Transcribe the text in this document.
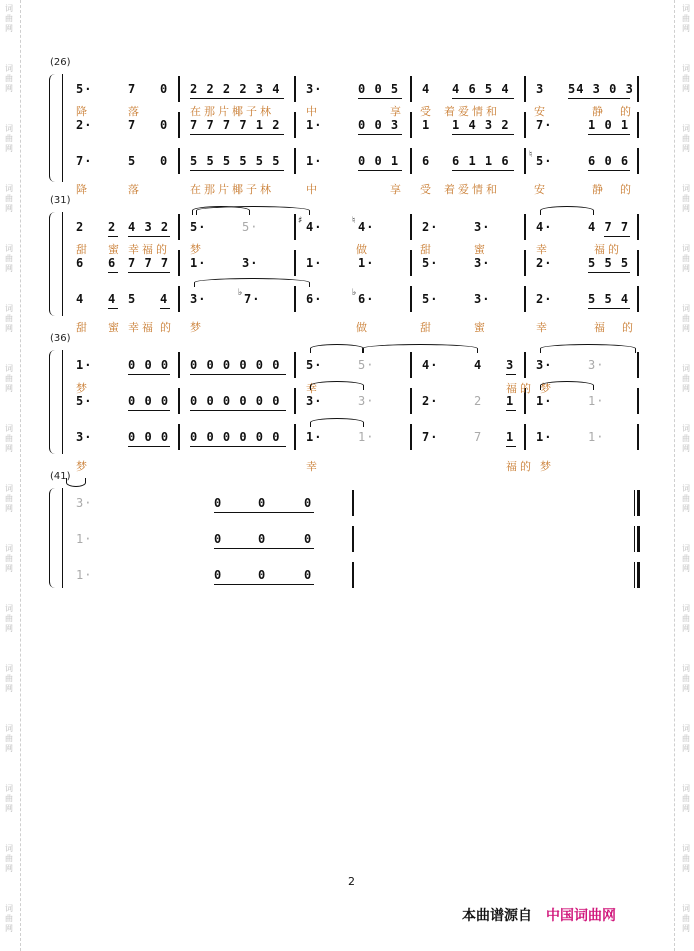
词
曲
网
词
曲
网
词
曲
网
词
曲
网
词
曲
网
词
曲
网
词
曲
网
词
曲
网
词
曲
网
词
曲
网
词
曲
网
词
曲
网
词
曲
网
词
曲
网
词
曲
网
词
曲
网
词
曲
网
词
曲
网
词
曲
网
词
曲
网
词
曲
网
词
曲
网
词
曲
网
词
曲
网
词
曲
网
词
曲
网
词
曲
网
词
曲
网
词
曲
网
词
曲
网
词
曲
网
词
曲
网
(26)
5·	7 0 2 2 2 2 3 4 3·	0 0 5 4 4 6 5 4 3 54 3 0 3
降	落	在那片椰子林	中	享 受 着爱情和	安	静 的
2·	7 0 7 7 7 7 1 2 1·	0 0 3 1 1 4 3 2 7·	1 0 1
7·	5 0 5 5 5 5 5 5 1·	0 0 1 6 6 1 1 6 ♮ 5·	6 0 6
降	落	在那片椰子林	中	享 受 着爱情和	安	静 的
(31)
2 2 4 3 2 5·	5·	♯ 4·	♮ 4·	2·	3·	4·	4 7 7
甜 蜜 幸福的 梦	做	甜	蜜	幸	福的
6 6 7 7 7 1·	3·	1·	1·	5·	3·	2·	5 5 5
4 4 5 4 3·	♭ 7·	6·	♭ 6·	5·	3·	2·	5 5 4
甜 蜜 幸福 的 梦	做	甜	蜜	幸	福 的
(36)
1·	0 0 0 0 0 0 0 0 0 5·	5·	4·	4 3 3·	3·
梦	幸	福的 梦
5·	0 0 0 0 0 0 0 0 0 3·	3·	2·	2 1 1·	1·
3·	0 0 0 0 0 0 0 0 0 1·	1·	7·	7 1 1·	1·
梦	幸	福的 梦
(41)
3·	0	0	0
1·	0	0	0
1·	0	0	0
2
本曲谱源自 中国词曲网
